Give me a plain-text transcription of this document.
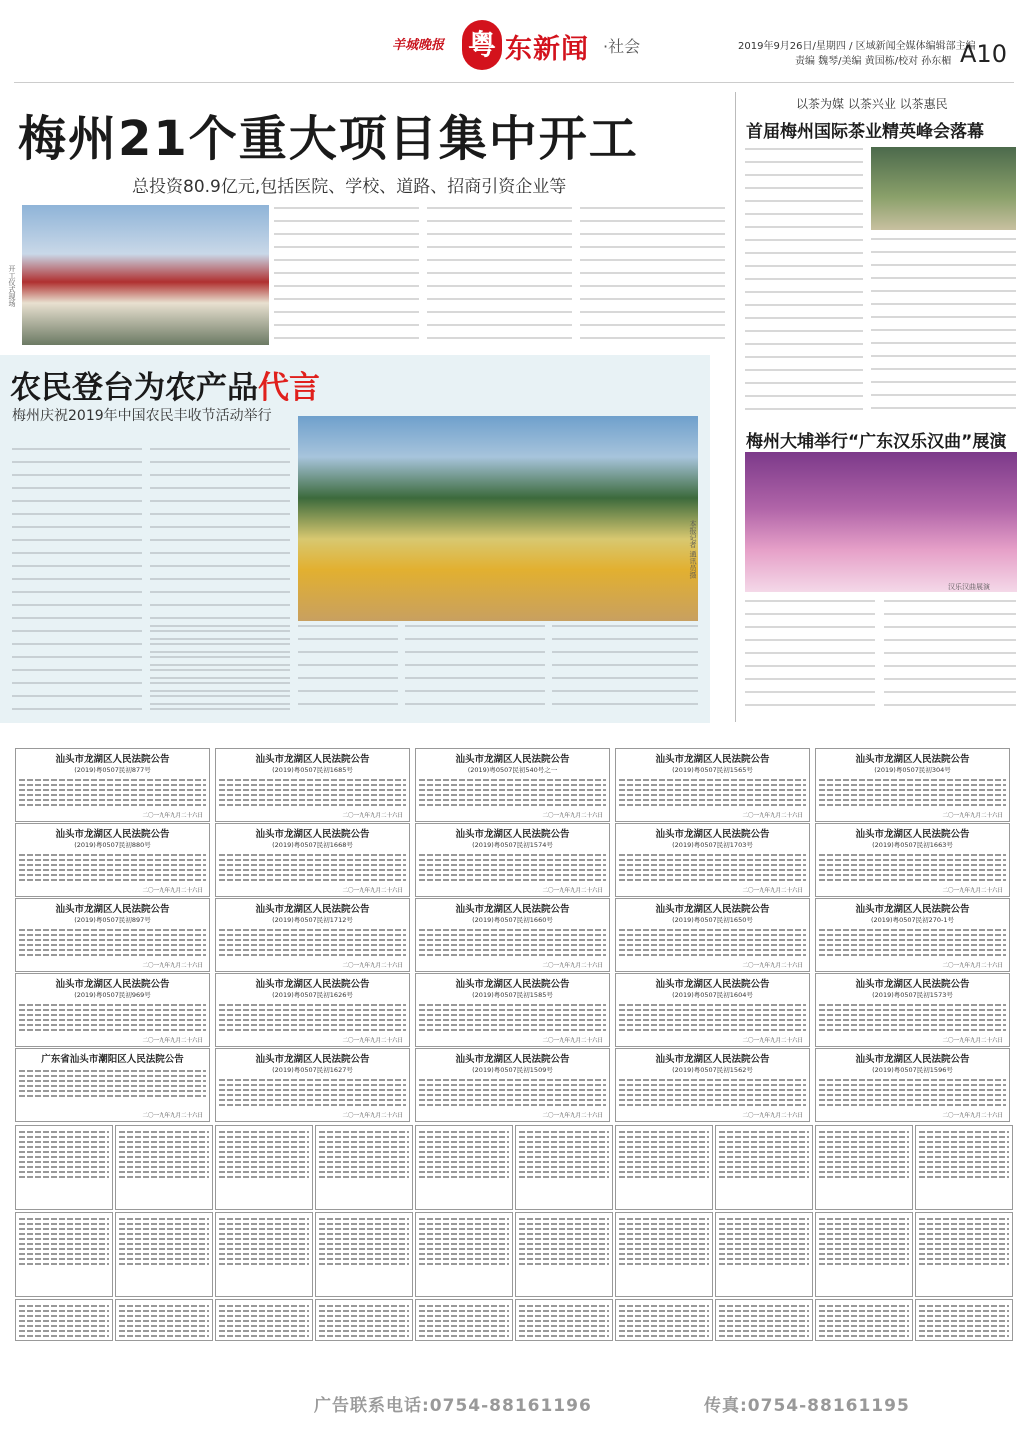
羊城晚报 粤 东新闻 ·社会	2019年9月26日/星期四 / 区域新闻全媒体编辑部主编
责编 魏琴/美编 黄国栋/校对 孙东楣 A10
梅州21个重大项目集中开工
总投资80.9亿元,包括医院、学校、道路、招商引资企业等
开工仪式现场
农民登台为农产品代言
梅州庆祝2019年中国农民丰收节活动举行
本报记者 通讯员摄
以茶为媒 以茶兴业 以茶惠民
首届梅州国际茶业精英峰会落幕
梅州大埔举行“广东汉乐汉曲”展演
汉乐汉曲展演
汕头市龙湖区人民法院公告
(2019)粤0507民初877号
二〇一九年九月二十六日
汕头市龙湖区人民法院公告
(2019)粤0507民初1685号
二〇一九年九月二十六日
汕头市龙湖区人民法院公告
(2019)粤0507民初540号之一
二〇一九年九月二十六日
汕头市龙湖区人民法院公告
(2019)粤0507民初1565号
二〇一九年九月二十六日
汕头市龙湖区人民法院公告
(2019)粤0507民初304号
二〇一九年九月二十六日
汕头市龙湖区人民法院公告
(2019)粤0507民初880号
二〇一九年九月二十六日
汕头市龙湖区人民法院公告
(2019)粤0507民初1668号
二〇一九年九月二十六日
汕头市龙湖区人民法院公告
(2019)粤0507民初1574号
二〇一九年九月二十六日
汕头市龙湖区人民法院公告
(2019)粤0507民初1703号
二〇一九年九月二十六日
汕头市龙湖区人民法院公告
(2019)粤0507民初1663号
二〇一九年九月二十六日
汕头市龙湖区人民法院公告
(2019)粤0507民初897号
二〇一九年九月二十六日
汕头市龙湖区人民法院公告
(2019)粤0507民初1712号
二〇一九年九月二十六日
汕头市龙湖区人民法院公告
(2019)粤0507民初1660号
二〇一九年九月二十六日
汕头市龙湖区人民法院公告
(2019)粤0507民初1650号
二〇一九年九月二十六日
汕头市龙湖区人民法院公告
(2019)粤0507民初270-1号
二〇一九年九月二十六日
汕头市龙湖区人民法院公告
(2019)粤0507民初969号
二〇一九年九月二十六日
汕头市龙湖区人民法院公告
(2019)粤0507民初1626号
二〇一九年九月二十六日
汕头市龙湖区人民法院公告
(2019)粤0507民初1585号
二〇一九年九月二十六日
汕头市龙湖区人民法院公告
(2019)粤0507民初1604号
二〇一九年九月二十六日
汕头市龙湖区人民法院公告
(2019)粤0507民初1573号
二〇一九年九月二十六日
广东省汕头市潮阳区人民法院公告
二〇一九年九月二十六日
汕头市龙湖区人民法院公告
(2019)粤0507民初1627号
二〇一九年九月二十六日
汕头市龙湖区人民法院公告
(2019)粤0507民初1509号
二〇一九年九月二十六日
汕头市龙湖区人民法院公告
(2019)粤0507民初1562号
二〇一九年九月二十六日
汕头市龙湖区人民法院公告
(2019)粤0507民初1596号
二〇一九年九月二十六日
广告联系电话:0754-88161196	传真:0754-88161195
